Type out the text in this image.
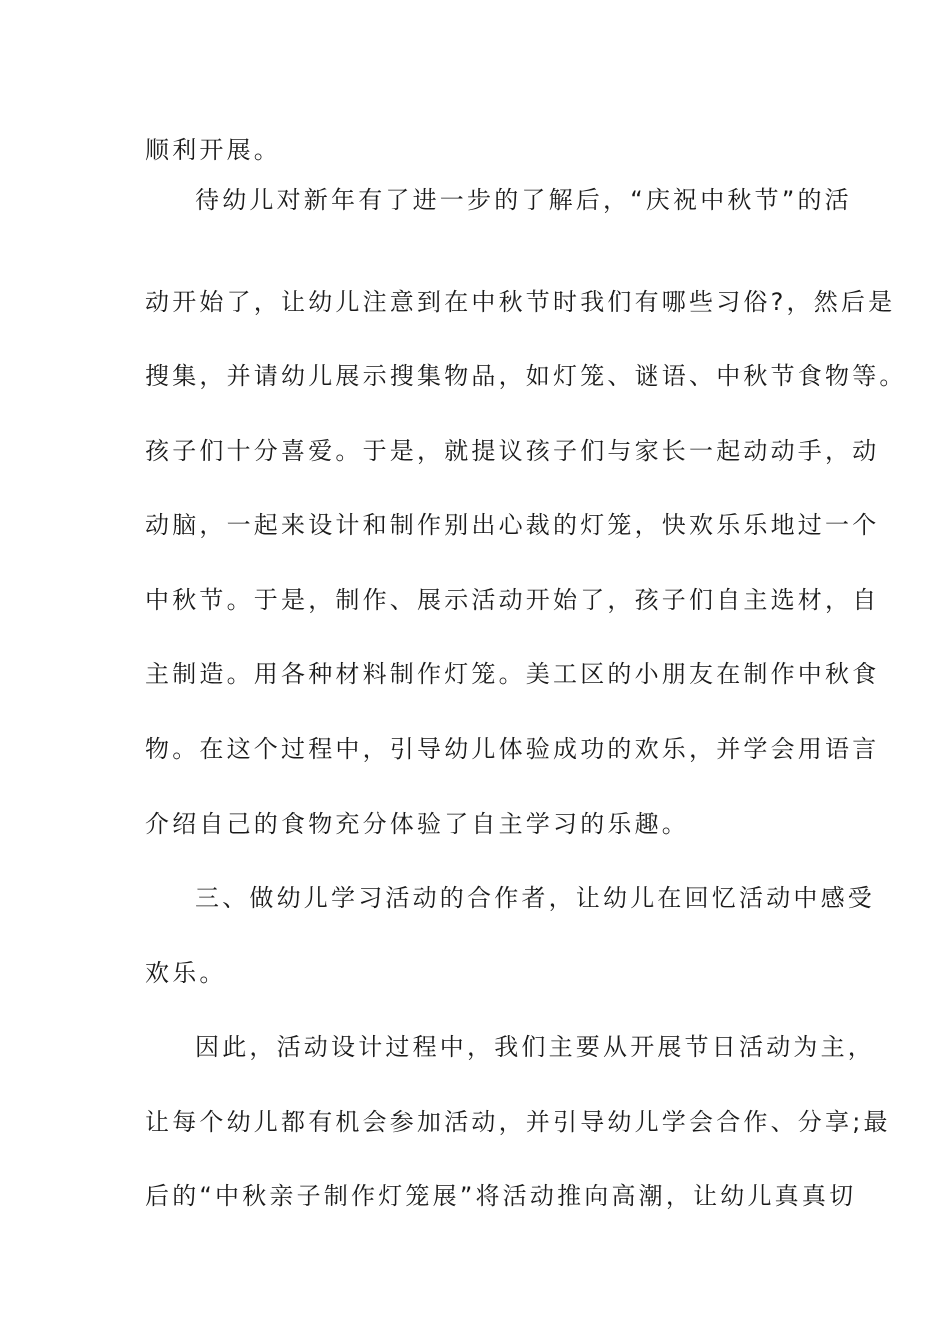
顺利开展。
待幼儿对新年有了进一步的了解后，“庆祝中秋节”的活
动开始了，让幼儿注意到在中秋节时我们有哪些习俗?，然后是
搜集，并请幼儿展示搜集物品，如灯笼、谜语、中秋节食物等。
孩子们十分喜爱。于是，就提议孩子们与家长一起动动手，动
动脑，一起来设计和制作别出心裁的灯笼，快欢乐乐地过一个
中秋节。于是，制作、展示活动开始了，孩子们自主选材，自
主制造。用各种材料制作灯笼。美工区的小朋友在制作中秋食
物。在这个过程中，引导幼儿体验成功的欢乐，并学会用语言
介绍自己的食物充分体验了自主学习的乐趣。
三、做幼儿学习活动的合作者，让幼儿在回忆活动中感受
欢乐。
因此，活动设计过程中，我们主要从开展节日活动为主，
让每个幼儿都有机会参加活动，并引导幼儿学会合作、分享;最
后的“中秋亲子制作灯笼展”将活动推向高潮，让幼儿真真切
